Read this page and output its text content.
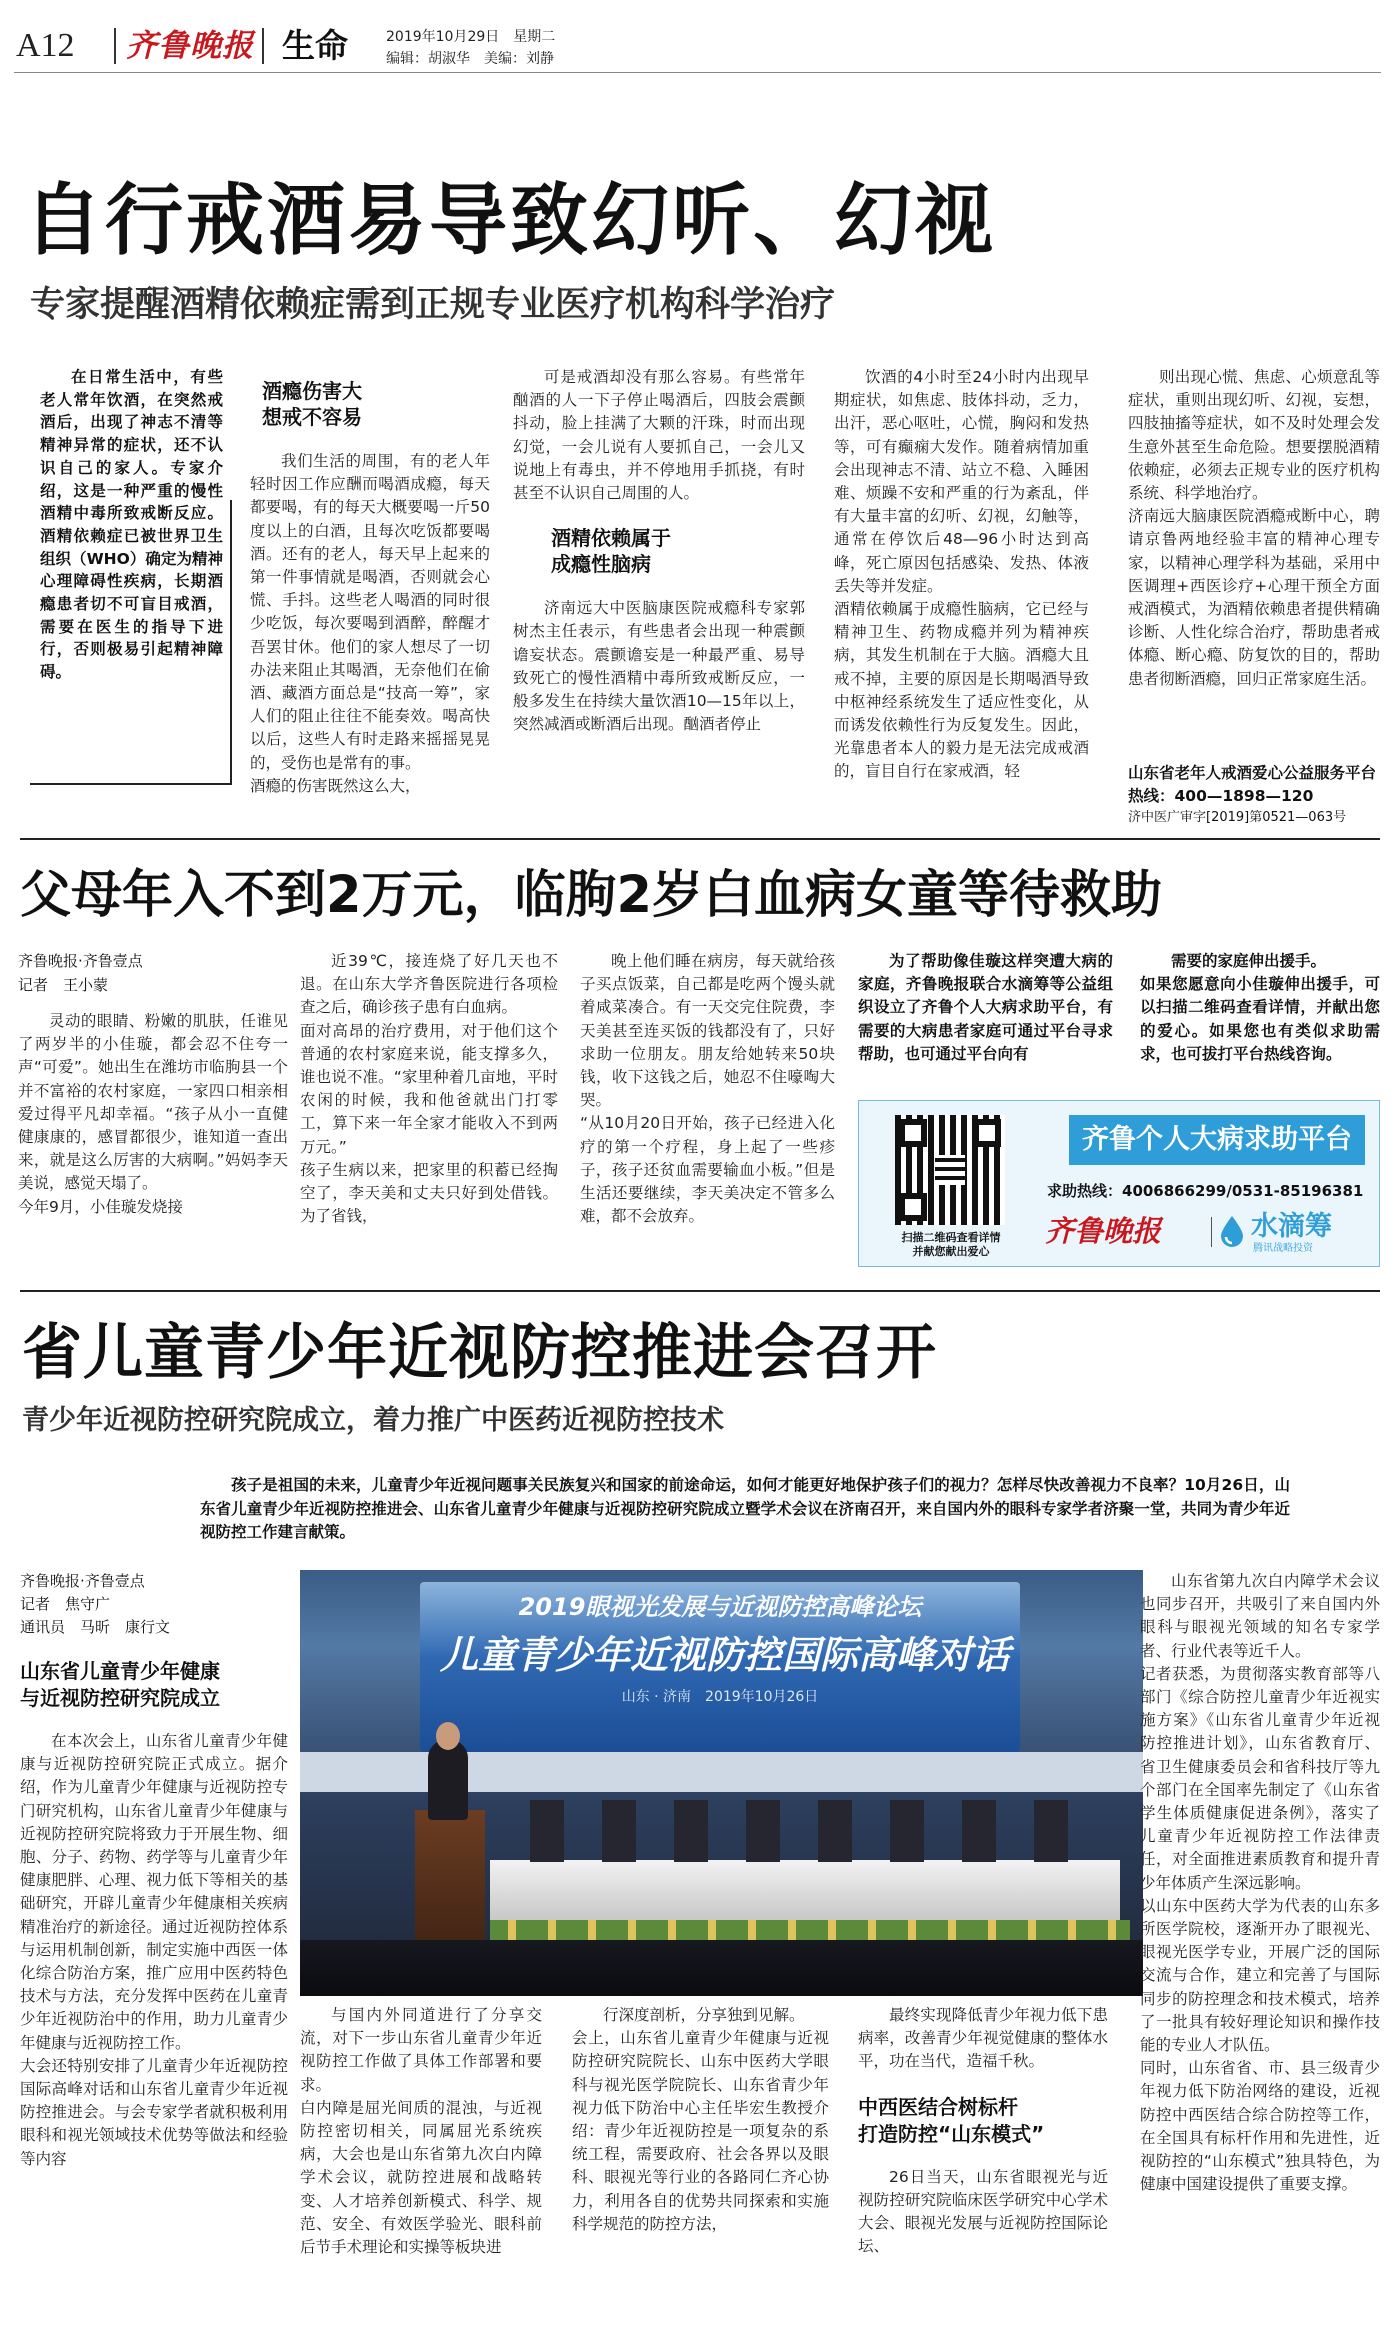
A12 齐鲁晚报 生命	2019年10月29日　星期二
编辑：胡淑华　美编：刘静
自行戒酒易导致幻听、幻视
专家提醒酒精依赖症需到正规专业医疗机构科学治疗

在日常生活中，有些老人常年饮酒，在突然戒酒后，出现了神志不清等精神异常的症状，还不认识自己的家人。专家介绍，这是一种严重的慢性酒精中毒所致戒断反应。酒精依赖症已被世界卫生组织（WHO）确定为精神心理障碍性疾病，长期酒瘾患者切不可盲目戒酒，需要在医生的指导下进行，否则极易引起精神障碍。

酒瘾伤害大
想戒不容易
我们生活的周围，有的老人年轻时因工作应酬而喝酒成瘾，每天都要喝，有的每天大概要喝一斤50度以上的白酒，且每次吃饭都要喝酒。还有的老人，每天早上起来的第一件事情就是喝酒，否则就会心慌、手抖。这些老人喝酒的同时很少吃饭，每次要喝到酒醉，醉醒才吾罢甘休。他们的家人想尽了一切办法来阻止其喝酒，无奈他们在偷酒、藏酒方面总是“技高一筹”，家人们的阻止往往不能奏效。喝高快以后，这些人有时走路来摇摇晃晃的，受伤也是常有的事。
酒瘾的伤害既然这么大，
可是戒酒却没有那么容易。有些常年酗酒的人一下子停止喝酒后，四肢会震颤抖动，脸上挂满了大颗的汗珠，时而出现幻觉，一会儿说有人要抓自己，一会儿又说地上有毒虫，并不停地用手抓挠，有时甚至不认识自己周围的人。
酒精依赖属于
成瘾性脑病
济南远大中医脑康医院戒瘾科专家郭树杰主任表示，有些患者会出现一种震颤谵妄状态。震颤谵妄是一种最严重、易导致死亡的慢性酒精中毒所致戒断反应，一般多发生在持续大量饮酒10—15年以上，突然减酒或断酒后出现。酗酒者停止
饮酒的4小时至24小时内出现早期症状，如焦虑、肢体抖动，乏力，出汗，恶心呕吐，心慌，胸闷和发热等，可有癫痫大发作。随着病情加重会出现神志不清、站立不稳、入睡困难、烦躁不安和严重的行为紊乱，伴有大量丰富的幻听、幻视，幻触等，通常在停饮后48—96小时达到高峰，死亡原因包括感染、发热、体液丢失等并发症。
酒精依赖属于成瘾性脑病，它已经与精神卫生、药物成瘾并列为精神疾病，其发生机制在于大脑。酒瘾大且戒不掉，主要的原因是长期喝酒导致中枢神经系统发生了适应性变化，从而诱发依赖性行为反复发生。因此，光靠患者本人的毅力是无法完成戒酒的，盲目自行在家戒酒，轻
则出现心慌、焦虑、心烦意乱等症状，重则出现幻听、幻视，妄想，四肢抽搐等症状，如不及时处理会发生意外甚至生命危险。想要摆脱酒精依赖症，必须去正规专业的医疗机构系统、科学地治疗。
济南远大脑康医院酒瘾戒断中心，聘请京鲁两地经验丰富的精神心理专家，以精神心理学科为基础，采用中医调理+西医诊疗+心理干预全方面戒酒模式，为酒精依赖患者提供精确诊断、人性化综合治疗，帮助患者戒体瘾、断心瘾、防复饮的目的，帮助患者彻断酒瘾，回归正常家庭生活。
山东省老年人戒酒爱心公益服务平台热线：400—1898—120
济中医广审字[2019]第0521—063号
父母年入不到2万元，临朐2岁白血病女童等待救助
齐鲁晚报·齐鲁壹点
记者　王小蒙
灵动的眼睛、粉嫩的肌肤，任谁见了两岁半的小佳璇，都会忍不住夸一声“可爱”。她出生在潍坊市临朐县一个并不富裕的农村家庭，一家四口相亲相爱过得平凡却幸福。“孩子从小一直健健康康的，感冒都很少，谁知道一查出来，就是这么厉害的大病啊。”妈妈李天美说，感觉天塌了。
今年9月，小佳璇发烧接
近39℃，接连烧了好几天也不退。在山东大学齐鲁医院进行各项检查之后，确诊孩子患有白血病。
面对高昂的治疗费用，对于他们这个普通的农村家庭来说，能支撑多久，谁也说不准。“家里种着几亩地，平时农闲的时候，我和他爸就出门打零工，算下来一年全家才能收入不到两万元。”
孩子生病以来，把家里的积蓄已经掏空了，李天美和丈夫只好到处借钱。为了省钱，
晚上他们睡在病房，每天就给孩子买点饭菜，自己都是吃两个馒头就着咸菜凑合。有一天交完住院费，李天美甚至连买饭的钱都没有了，只好求助一位朋友。朋友给她转来50块钱，收下这钱之后，她忍不住嚎啕大哭。
“从10月20日开始，孩子已经进入化疗的第一个疗程，身上起了一些疹子，孩子还贫血需要输血小板。”但是生活还要继续，李天美决定不管多么难，都不会放弃。
为了帮助像佳璇这样突遭大病的家庭，齐鲁晚报联合水滴筹等公益组织设立了齐鲁个人大病求助平台，有需要的大病患者家庭可通过平台寻求帮助，也可通过平台向有
需要的家庭伸出援手。
如果您愿意向小佳璇伸出援手，可以扫描二维码查看详情，并献出您的爱心。如果您也有类似求助需求，也可拔打平台热线咨询。
扫描二维码查看详情
并献您献出爱心
齐鲁个人大病求助平台
求助热线：4006866299/0531-85196381
齐鲁晚报	水滴筹
腾讯战略投资
省儿童青少年近视防控推进会召开
青少年近视防控研究院成立，着力推广中医药近视防控技术
孩子是祖国的未来，儿童青少年近视问题事关民族复兴和国家的前途命运，如何才能更好地保护孩子们的视力？怎样尽快改善视力不良率？10月26日，山东省儿童青少年近视防控推进会、山东省儿童青少年健康与近视防控研究院成立暨学术会议在济南召开，来自国内外的眼科专家学者济聚一堂，共同为青少年近视防控工作建言献策。
齐鲁晚报·齐鲁壹点
记者　焦守广
通讯员　马昕　康行文
山东省儿童青少年健康
与近视防控研究院成立
在本次会上，山东省儿童青少年健康与近视防控研究院正式成立。据介绍，作为儿童青少年健康与近视防控专门研究机构，山东省儿童青少年健康与近视防控研究院将致力于开展生物、细胞、分子、药物、药学等与儿童青少年健康肥胖、心理、视力低下等相关的基础研究，开辟儿童青少年健康相关疾病精准治疗的新途径。通过近视防控体系与运用机制创新，制定实施中西医一体化综合防治方案，推广应用中医药特色技术与方法，充分发挥中医药在儿童青少年近视防治中的作用，助力儿童青少年健康与近视防控工作。
大会还特别安排了儿童青少年近视防控国际高峰对话和山东省儿童青少年近视防控推进会。与会专家学者就积极利用眼科和视光领域技术优势等做法和经验等内容
2019眼视光发展与近视防控高峰论坛
儿童青少年近视防控国际高峰对话
山东 · 济南　2019年10月26日
与国内外同道进行了分享交流，对下一步山东省儿童青少年近视防控工作做了具体工作部署和要求。
白内障是屈光间质的混浊，与近视防控密切相关，同属屈光系统疾病，大会也是山东省第九次白内障学术会议，就防控进展和战略转变、人才培养创新模式、科学、规范、安全、有效医学验光、眼科前后节手术理论和实操等板块进
行深度剖析，分享独到见解。
会上，山东省儿童青少年健康与近视防控研究院院长、山东中医药大学眼科与视光医学院院长、山东省青少年视力低下防治中心主任毕宏生教授介绍：青少年近视防控是一项复杂的系统工程，需要政府、社会各界以及眼科、眼视光等行业的各路同仁齐心协力，利用各自的优势共同探索和实施科学规范的防控方法，
最终实现降低青少年视力低下患病率，改善青少年视觉健康的整体水平，功在当代，造福千秋。
中西医结合树标杆
打造防控“山东模式”
26日当天，山东省眼视光与近视防控研究院临床医学研究中心学术大会、眼视光发展与近视防控国际论坛、
山东省第九次白内障学术会议也同步召开，共吸引了来自国内外眼科与眼视光领域的知名专家学者、行业代表等近千人。
记者获悉，为贯彻落实教育部等八部门《综合防控儿童青少年近视实施方案》《山东省儿童青少年近视防控推进计划》，山东省教育厅、省卫生健康委员会和省科技厅等九个部门在全国率先制定了《山东省学生体质健康促进条例》，落实了儿童青少年近视防控工作法律责任，对全面推进素质教育和提升青少年体质产生深远影响。
以山东中医药大学为代表的山东多所医学院校，逐渐开办了眼视光、眼视光医学专业，开展广泛的国际交流与合作，建立和完善了与国际同步的防控理念和技术模式，培养了一批具有较好理论知识和操作技能的专业人才队伍。
同时，山东省省、市、县三级青少年视力低下防治网络的建设，近视防控中西医结合综合防控等工作，在全国具有标杆作用和先进性，近视防控的“山东模式”独具特色，为健康中国建设提供了重要支撑。
